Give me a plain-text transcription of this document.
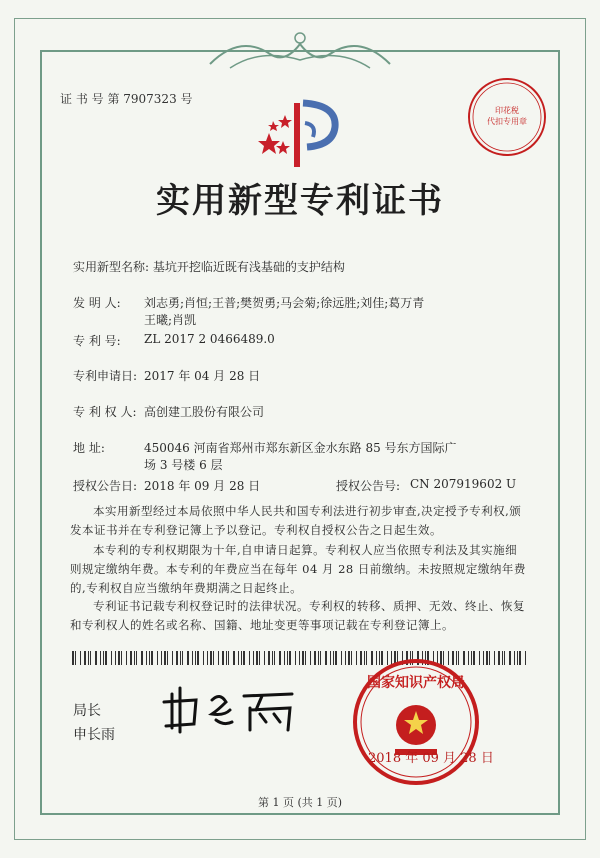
证 书 号 第 7907323 号
印花税
代扣专用章
实用新型专利证书
实用新型名称: 基坑开挖临近既有浅基础的支护结构
发 明 人: 刘志勇;肖恒;王普;樊贺勇;马会菊;徐远胜;刘佳;葛万青
王曦;肖凯
专 利 号: ZL 2017 2 0466489.0
专利申请日: 2017 年 04 月 28 日
专 利 权 人: 高创建工股份有限公司
地 址:	450046 河南省郑州市郑东新区金水东路 85 号东方国际广
场 3 号楼 6 层
授权公告日: 2018 年 09 月 28 日	授权公告号: CN 207919602 U
本实用新型经过本局依照中华人民共和国专利法进行初步审查,决定授予专利权,颁发本证书并在专利登记簿上予以登记。专利权自授权公告之日起生效。
本专利的专利权期限为十年,自申请日起算。专利权人应当依照专利法及其实施细则规定缴纳年费。本专利的年费应当在每年 04 月 28 日前缴纳。未按照规定缴纳年费的,专利权自应当缴纳年费期满之日起终止。
专利证书记载专利权登记时的法律状况。专利权的转移、质押、无效、终止、恢复和专利权人的姓名或名称、国籍、地址变更等事项记载在专利登记簿上。
局长
申长雨
国家知识产权局
2018 年 09 月 28 日
第 1 页 (共 1 页)
